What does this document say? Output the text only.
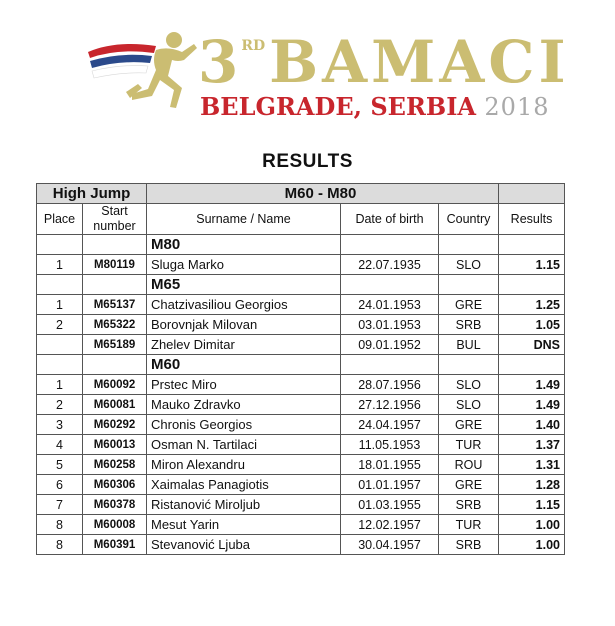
3 RDBAMACI
BELGRADE, SERBIA 2018
RESULTS
High Jump		M60 - M80			
Place	Start number	Surname / Name	Date of birth	Country	Results
		M80			
1	M80119	Sluga Marko	22.07.1935	SLO	1.15
		M65			
1	M65137	Chatzivasiliou Georgios	24.01.1953	GRE	1.25
2	M65322	Borovnjak Milovan	03.01.1953	SRB	1.05
	M65189	Zhelev Dimitar	09.01.1952	BUL	DNS
		M60			
1	M60092	Prstec Miro	28.07.1956	SLO	1.49
2	M60081	Mauko Zdravko	27.12.1956	SLO	1.49
3	M60292	Chronis Georgios	24.04.1957	GRE	1.40
4	M60013	Osman N. Tartilaci	11.05.1953	TUR	1.37
5	M60258	Miron Alexandru	18.01.1955	ROU	1.31
6	M60306	Xaimalas Panagiotis	01.01.1957	GRE	1.28
7	M60378	Ristanović Miroljub	01.03.1955	SRB	1.15
8	M60008	Mesut Yarin	12.02.1957	TUR	1.00
8	M60391	Stevanović Ljuba	30.04.1957	SRB	1.00
